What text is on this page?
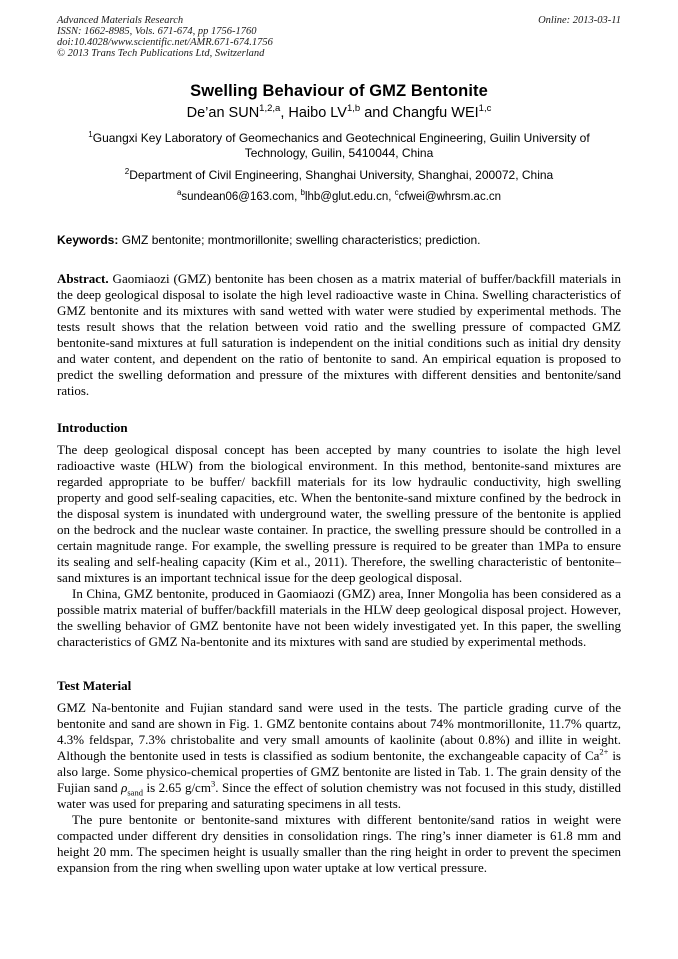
Advanced Materials Research
ISSN: 1662-8985, Vols. 671-674, pp 1756-1760
doi:10.4028/www.scientific.net/AMR.671-674.1756
© 2013 Trans Tech Publications Ltd, Switzerland
Online: 2013-03-11
Swelling Behaviour of GMZ Bentonite
De’an SUN$^{1,2,a}$, Haibo LV$^{1,b}$ and Changfu WEI$^{1,c}$
$^1$Guangxi Key Laboratory of Geomechanics and Geotechnical Engineering, Guilin University of Technology, Guilin, 5410044, China
$^2$Department of Civil Engineering, Shanghai University, Shanghai, 200072, China
$^a$sundean06@163.com, $^b$lhb@glut.edu.cn, $^c$cfwei@whrsm.ac.cn

Keywords: GMZ bentonite; montmorillonite; swelling characteristics; prediction.

Abstract. Gaomiaozi (GMZ) bentonite has been chosen as a matrix material of buffer/backfill materials in the deep geological disposal to isolate the high level radioactive waste in China. Swelling characteristics of GMZ bentonite and its mixtures with sand wetted with water were studied by experimental methods. The tests result shows that the relation between void ratio and the swelling pressure of compacted GMZ bentonite-sand mixtures at full saturation is independent on the initial conditions such as initial dry density and water content, and dependent on the ratio of bentonite to sand. An empirical equation is proposed to predict the swelling deformation and pressure of the mixtures with different densities and bentonite/sand ratios.

Introduction

The deep geological disposal concept has been accepted by many countries to isolate the high level radioactive waste (HLW) from the biological environment. In this method, bentonite-sand mixtures are regarded appropriate to be buffer/ backfill materials for its low hydraulic conductivity, high swelling property and good self-sealing capacities, etc. When the bentonite-sand mixture confined by the bedrock in the disposal system is inundated with underground water, the swelling pressure of the bentonite is applied on the bedrock and the nuclear waste container. In practice, the swelling pressure should be controlled in a certain magnitude range. For example, the swelling pressure is required to be greater than 1MPa to ensure its sealing and self-healing capacity (Kim et al., 2011). Therefore, the swelling characteristic of bentonite–sand mixtures is an important technical issue for the deep geological disposal.

In China, GMZ bentonite, produced in Gaomiaozi (GMZ) area, Inner Mongolia has been considered as a possible matrix material of buffer/backfill materials in the HLW deep geological disposal project. However, the swelling behavior of GMZ bentonite have not been widely investigated yet. In this paper, the swelling characteristics of GMZ Na-bentonite and its mixtures with sand are studied by experimental methods.

Test Material

GMZ Na-bentonite and Fujian standard sand were used in the tests. The particle grading curve of the bentonite and sand are shown in Fig. 1. GMZ bentonite contains about 74% montmorillonite, 11.7% quartz, 4.3% feldspar, 7.3% christobalite and very small amounts of kaolinite (about 0.8%) and illite in weight. Although the bentonite used in tests is classified as sodium bentonite, the exchangeable capacity of $Ca^{2+}$ is also large. Some physico-chemical properties of GMZ bentonite are listed in Tab. 1. The grain density of the Fujian sand $\rho_{sand}$ is 2.65 $g/cm^3$. Since the effect of solution chemistry was not focused in this study, distilled water was used for preparing and saturating specimens in all tests.

The pure bentonite or bentonite-sand mixtures with different bentonite/sand ratios in weight were compacted under different dry densities in consolidation rings. The ring’s inner diameter is 61.8 mm and height 20 mm. The specimen height is usually smaller than the ring height in order to prevent the specimen expansion from the ring when swelling upon water uptake at low vertical pressure.
